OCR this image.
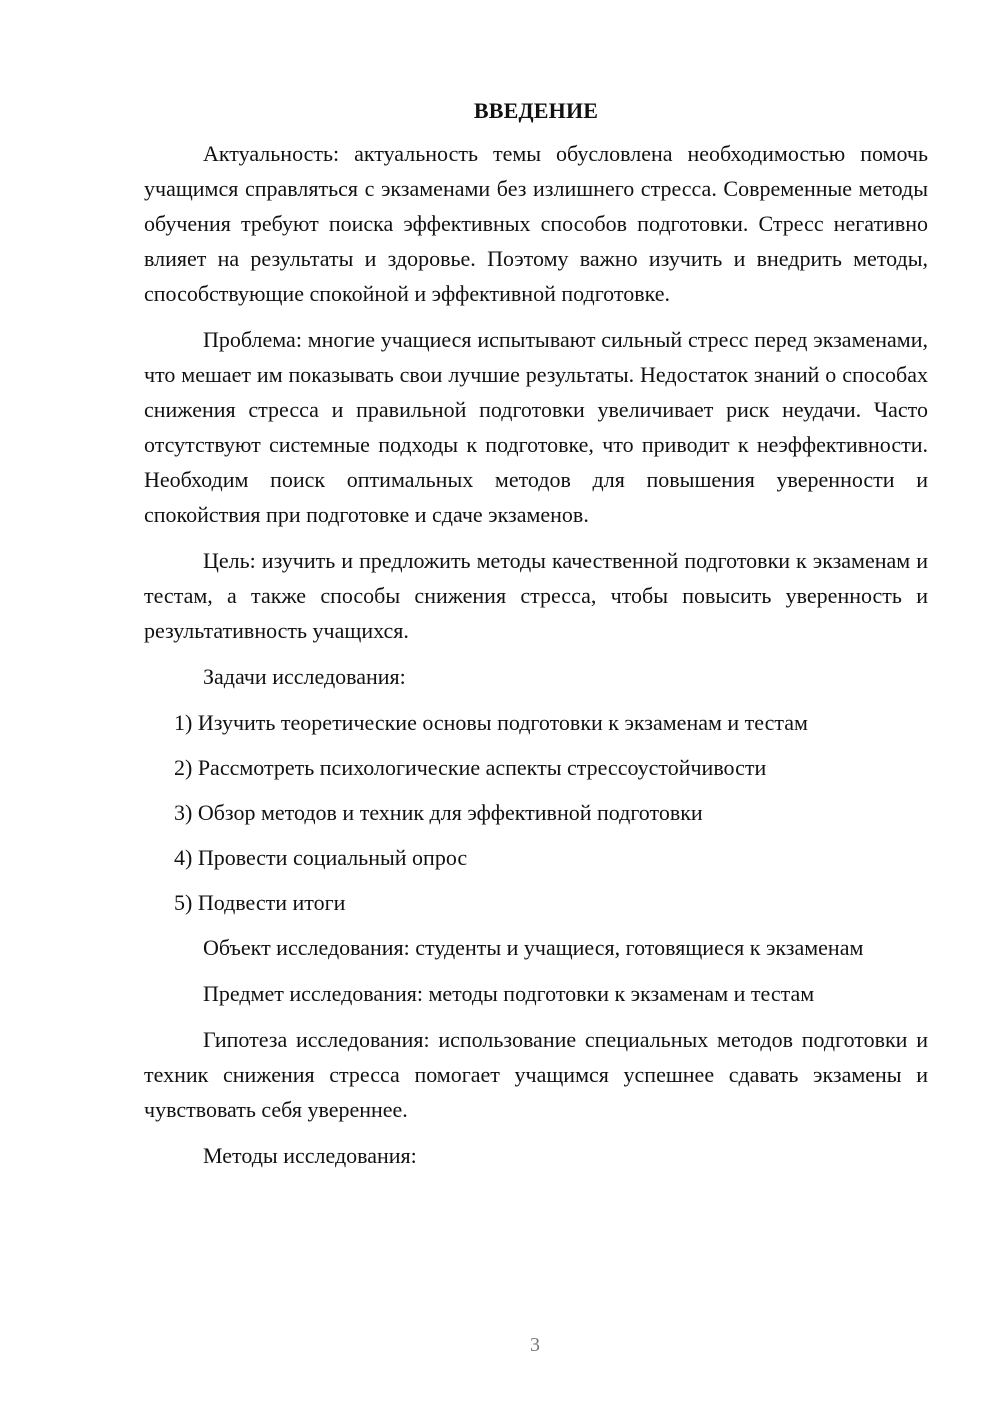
ВВЕДЕНИЕ

Актуальность: актуальность темы обусловлена необходимостью помочь учащимся справляться с экзаменами без излишнего стресса. Современные методы обучения требуют поиска эффективных способов подготовки. Стресс негативно влияет на результаты и здоровье. Поэтому важно изучить и внедрить методы, способствующие спокойной и эффективной подготовке.

Проблема: многие учащиеся испытывают сильный стресс перед экзаменами, что мешает им показывать свои лучшие результаты. Недостаток знаний о способах снижения стресса и правильной подготовки увеличивает риск неудачи. Часто отсутствуют системные подходы к подготовке, что приводит к неэффективности. Необходим поиск оптимальных методов для повышения уверенности и спокойствия при подготовке и сдаче экзаменов.

Цель: изучить и предложить методы качественной подготовки к экзаменам и тестам, а также способы снижения стресса, чтобы повысить уверенность и результативность учащихся.

Задачи исследования:

1) Изучить теоретические основы подготовки к экзаменам и тестам
2) Рассмотреть психологические аспекты стрессоустойчивости
3) Обзор методов и техник для эффективной подготовки
4) Провести социальный опрос
5) Подвести итоги

Объект исследования: студенты и учащиеся, готовящиеся к экзаменам

Предмет исследования: методы подготовки к экзаменам и тестам

Гипотеза исследования: использование специальных методов подготовки и техник снижения стресса помогает учащимся успешнее сдавать экзамены и чувствовать себя увереннее.

Методы исследования:

3
